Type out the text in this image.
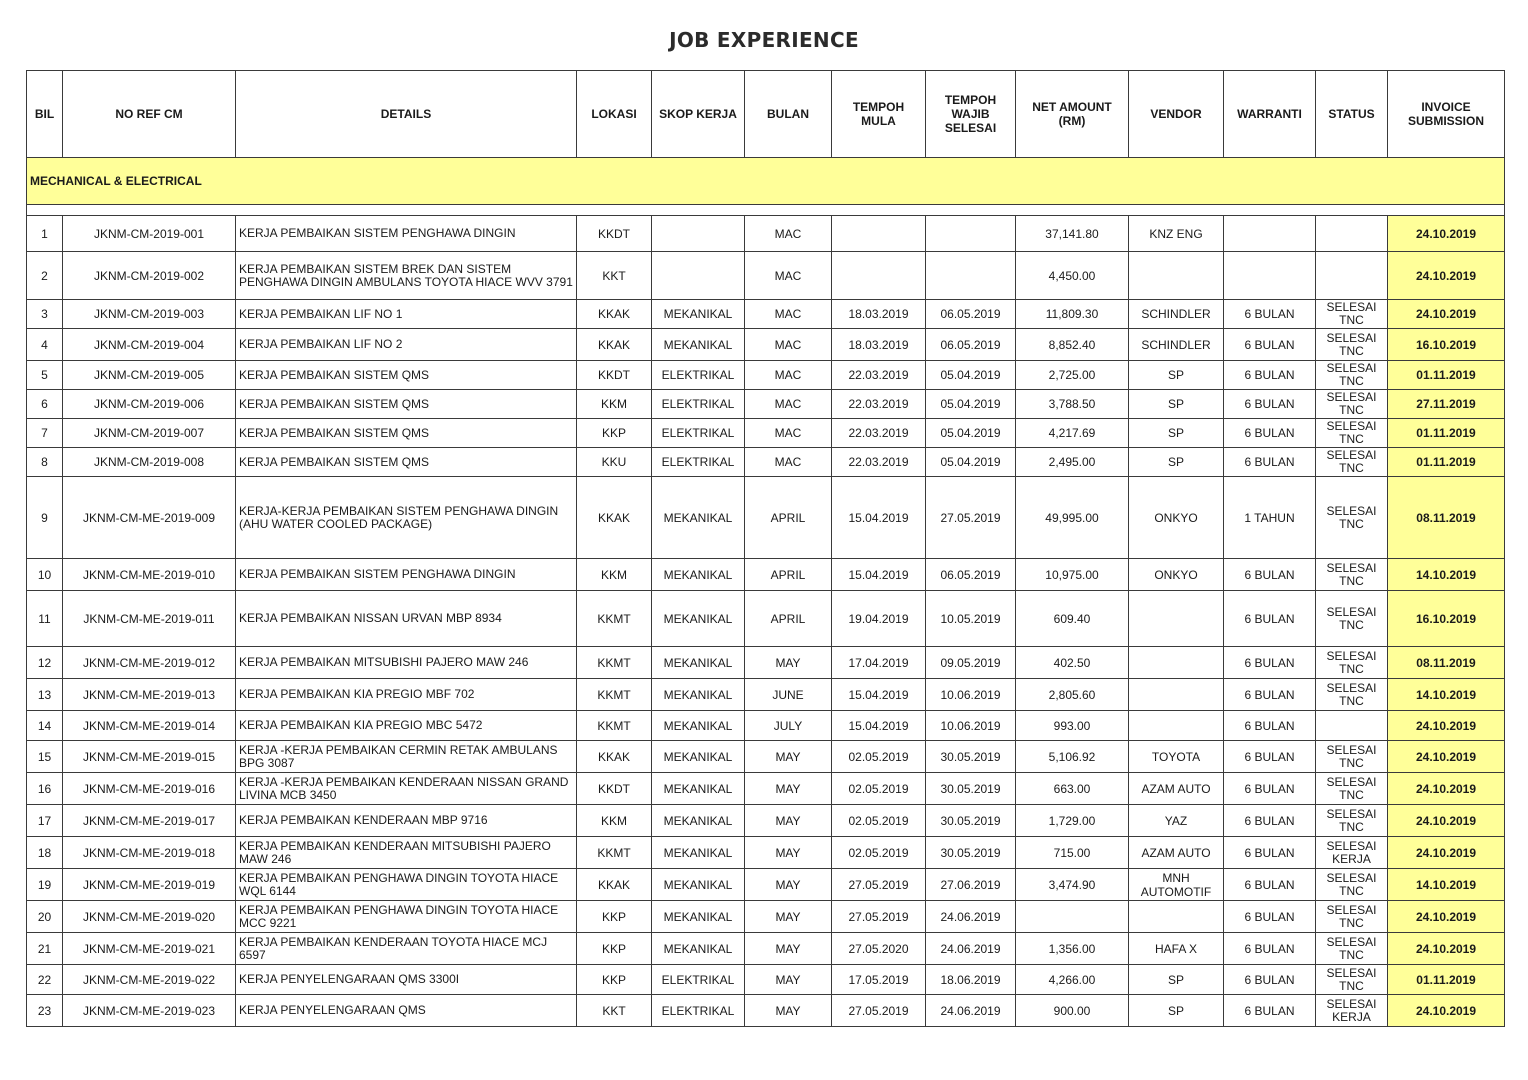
JOB EXPERIENCE
BIL	NO REF CM	DETAILS	LOKASI	SKOP KERJA	BULAN	TEMPOH MULA	TEMPOH WAJIB SELESAI	NET AMOUNT (RM)	VENDOR	WARRANTI	STATUS	INVOICE SUBMISSION
MECHANICAL & ELECTRICAL												

1	JKNM-CM-2019-001	KERJA PEMBAIKAN SISTEM PENGHAWA DINGIN	KKDT		MAC			37,141.80	KNZ ENG			24.10.2019
2	JKNM-CM-2019-002	KERJA PEMBAIKAN SISTEM BREK DAN SISTEM PENGHAWA DINGIN AMBULANS TOYOTA HIACE WVV 3791	KKT		MAC			4,450.00				24.10.2019
3	JKNM-CM-2019-003	KERJA PEMBAIKAN LIF NO 1	KKAK	MEKANIKAL	MAC	18.03.2019	06.05.2019	11,809.30	SCHINDLER	6 BULAN	SELESAI TNC	24.10.2019
4	JKNM-CM-2019-004	KERJA PEMBAIKAN LIF NO 2	KKAK	MEKANIKAL	MAC	18.03.2019	06.05.2019	8,852.40	SCHINDLER	6 BULAN	SELESAI TNC	16.10.2019
5	JKNM-CM-2019-005	KERJA PEMBAIKAN SISTEM QMS	KKDT	ELEKTRIKAL	MAC	22.03.2019	05.04.2019	2,725.00	SP	6 BULAN	SELESAI TNC	01.11.2019
6	JKNM-CM-2019-006	KERJA PEMBAIKAN SISTEM QMS	KKM	ELEKTRIKAL	MAC	22.03.2019	05.04.2019	3,788.50	SP	6 BULAN	SELESAI TNC	27.11.2019
7	JKNM-CM-2019-007	KERJA PEMBAIKAN SISTEM QMS	KKP	ELEKTRIKAL	MAC	22.03.2019	05.04.2019	4,217.69	SP	6 BULAN	SELESAI TNC	01.11.2019
8	JKNM-CM-2019-008	KERJA PEMBAIKAN SISTEM QMS	KKU	ELEKTRIKAL	MAC	22.03.2019	05.04.2019	2,495.00	SP	6 BULAN	SELESAI TNC	01.11.2019
9	JKNM-CM-ME-2019-009	KERJA-KERJA PEMBAIKAN SISTEM PENGHAWA DINGIN (AHU WATER COOLED PACKAGE)	KKAK	MEKANIKAL	APRIL	15.04.2019	27.05.2019	49,995.00	ONKYO	1 TAHUN	SELESAI TNC	08.11.2019
10	JKNM-CM-ME-2019-010	KERJA PEMBAIKAN SISTEM PENGHAWA DINGIN	KKM	MEKANIKAL	APRIL	15.04.2019	06.05.2019	10,975.00	ONKYO	6 BULAN	SELESAI TNC	14.10.2019
11	JKNM-CM-ME-2019-011	KERJA PEMBAIKAN NISSAN URVAN MBP 8934	KKMT	MEKANIKAL	APRIL	19.04.2019	10.05.2019	609.40		6 BULAN	SELESAI TNC	16.10.2019
12	JKNM-CM-ME-2019-012	KERJA PEMBAIKAN MITSUBISHI PAJERO MAW 246	KKMT	MEKANIKAL	MAY	17.04.2019	09.05.2019	402.50		6 BULAN	SELESAI TNC	08.11.2019
13	JKNM-CM-ME-2019-013	KERJA PEMBAIKAN KIA PREGIO MBF 702	KKMT	MEKANIKAL	JUNE	15.04.2019	10.06.2019	2,805.60		6 BULAN	SELESAI TNC	14.10.2019
14	JKNM-CM-ME-2019-014	KERJA PEMBAIKAN KIA PREGIO MBC 5472	KKMT	MEKANIKAL	JULY	15.04.2019	10.06.2019	993.00		6 BULAN		24.10.2019
15	JKNM-CM-ME-2019-015	KERJA -KERJA PEMBAIKAN CERMIN RETAK AMBULANS BPG 3087	KKAK	MEKANIKAL	MAY	02.05.2019	30.05.2019	5,106.92	TOYOTA	6 BULAN	SELESAI TNC	24.10.2019
16	JKNM-CM-ME-2019-016	KERJA -KERJA PEMBAIKAN KENDERAAN NISSAN GRAND LIVINA MCB 3450	KKDT	MEKANIKAL	MAY	02.05.2019	30.05.2019	663.00	AZAM AUTO	6 BULAN	SELESAI TNC	24.10.2019
17	JKNM-CM-ME-2019-017	KERJA PEMBAIKAN KENDERAAN MBP 9716	KKM	MEKANIKAL	MAY	02.05.2019	30.05.2019	1,729.00	YAZ	6 BULAN	SELESAI TNC	24.10.2019
18	JKNM-CM-ME-2019-018	KERJA PEMBAIKAN KENDERAAN MITSUBISHI PAJERO MAW 246	KKMT	MEKANIKAL	MAY	02.05.2019	30.05.2019	715.00	AZAM AUTO	6 BULAN	SELESAI KERJA	24.10.2019
19	JKNM-CM-ME-2019-019	KERJA PEMBAIKAN PENGHAWA DINGIN TOYOTA HIACE WQL 6144	KKAK	MEKANIKAL	MAY	27.05.2019	27.06.2019	3,474.90	MNH AUTOMOTIF	6 BULAN	SELESAI TNC	14.10.2019
20	JKNM-CM-ME-2019-020	KERJA PEMBAIKAN PENGHAWA DINGIN TOYOTA HIACE MCC 9221	KKP	MEKANIKAL	MAY	27.05.2019	24.06.2019			6 BULAN	SELESAI TNC	24.10.2019
21	JKNM-CM-ME-2019-021	KERJA PEMBAIKAN KENDERAAN TOYOTA HIACE MCJ 6597	KKP	MEKANIKAL	MAY	27.05.2020	24.06.2019	1,356.00	HAFA X	6 BULAN	SELESAI TNC	24.10.2019
22	JKNM-CM-ME-2019-022	KERJA PENYELENGARAAN QMS 3300I	KKP	ELEKTRIKAL	MAY	17.05.2019	18.06.2019	4,266.00	SP	6 BULAN	SELESAI TNC	01.11.2019
23	JKNM-CM-ME-2019-023	KERJA PENYELENGARAAN QMS	KKT	ELEKTRIKAL	MAY	27.05.2019	24.06.2019	900.00	SP	6 BULAN	SELESAI KERJA	24.10.2019
